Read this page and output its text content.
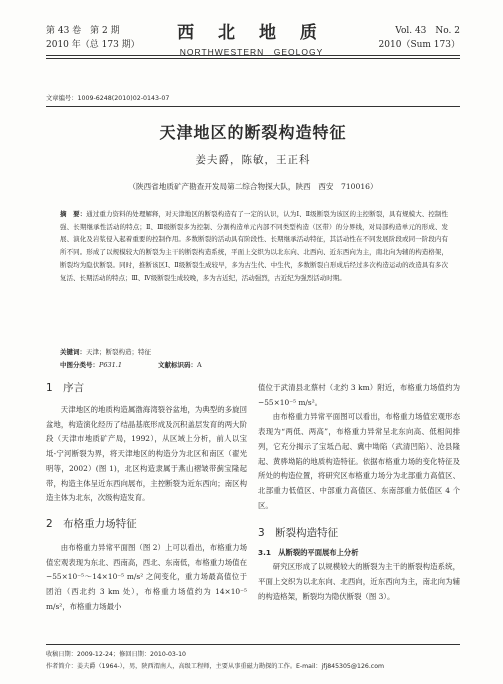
第 43 卷　第 2 期
2010 年（总 173 期）
西 北 地 质
NORTHWESTERN　GEOLOGY
Vol. 43　No. 2
2010（Sum 173）
文章编号：1009-6248(2010)02-0143-07
天津地区的断裂构造特征
姜夫爵，陈敏，王正科
（陕西省地质矿产勘查开发局第二综合物探大队，陕西　西安　710016）
摘　要：通过重力资料的处理解释，对天津地区的断裂构造有了一定的认识，认为Ⅰ、Ⅱ级断裂为该区的主控断裂，具有规模大、控制性强、长期继承性活动的特点；Ⅱ、Ⅲ级断裂多为控制、分割构造单元内部不同类型构造（区带）的分界线，对局部构造单元的形成、发展、演化及岩浆侵入起着重要的控制作用。多数断裂的活动具有阶段性、长期继承活动特征，其活动性在不同发展阶段或同一阶段内有所不同。形成了以规模较大的断裂为主干的断裂构造系统，平面上交织为以北东向、北西向、近东西向为主，南北向为辅的构造格架，断裂均为隐伏断裂。同时，推断该区Ⅰ、Ⅱ级断裂生成较早，多为古生代、中生代，多数断裂自形成后经过多次构造运动的改造具有多次复活、长期活动的特点；Ⅲ、Ⅳ级断裂生成较晚，多为古近纪，活动强烈，古近纪为强烈活动时期。
关键词：天津；断裂构造；特征
中图分类号：P631.1	文献标识码：A
1　序言

天津地区的地质构造属渤海湾裂谷盆地，为典型的多旋回盆地，构造演化经历了结晶基底形成及沉积盖层发育的两大阶段（天津市地质矿产局，1992），从区域上分析，前人以宝坻-宁河断裂为界，将天津地区的构造分为北区和南区（翟光明等，2002）(图 1)，北区构造隶属于燕山褶皱带蓟宝隆起带，构造主体呈近东西向展布，主控断裂为近东西向；南区构造主体为北东，次级构造发育。

2　布格重力场特征

由布格重力异常平面图（图 2）上可以看出，布格重力场值宏观表现为东北、西南高，西北、东南低，布格重力场值在 −55×10⁻⁵～14×10⁻⁵ m/s² 之间变化，重力场最高值位于团泊（西北约 3 km 处），布格重力场值约为 14×10⁻⁵ m/s²，布格重力场最小

值位于武清县北蔡村（北约 3 km）附近，布格重力场值约为 −55×10⁻⁵ m/s²。

由布格重力异常平面图可以看出，布格重力场值宏观形态表现为“两低、两高”，布格重力异常呈北东向高、低相间排列，它充分揭示了宝坻凸起、冀中坳陷（武清凹陷）、沧县隆起、黄骅坳陷的地质构造特征。依据布格重力场的变化特征及所处的构造位置，将研究区布格重力场分为北部重力高值区、北部重力低值区、中部重力高值区、东南部重力低值区 4 个区。

3　断裂构造特征
3.1　从断裂的平面展布上分析

研究区形成了以规模较大的断裂为主干的断裂构造系统，平面上交织为以北东向、北西向，近东西向为主，南北向为辅的构造格架，断裂均为隐伏断裂（图 3）。

收稿日期：2009-12-24；修回日期：2010-03-10
作者简介：姜夫爵（1964-），男，陕西渭南人，高级工程师，主要从事重磁力勘探的工作。E-mail：jfj845305@126.com
